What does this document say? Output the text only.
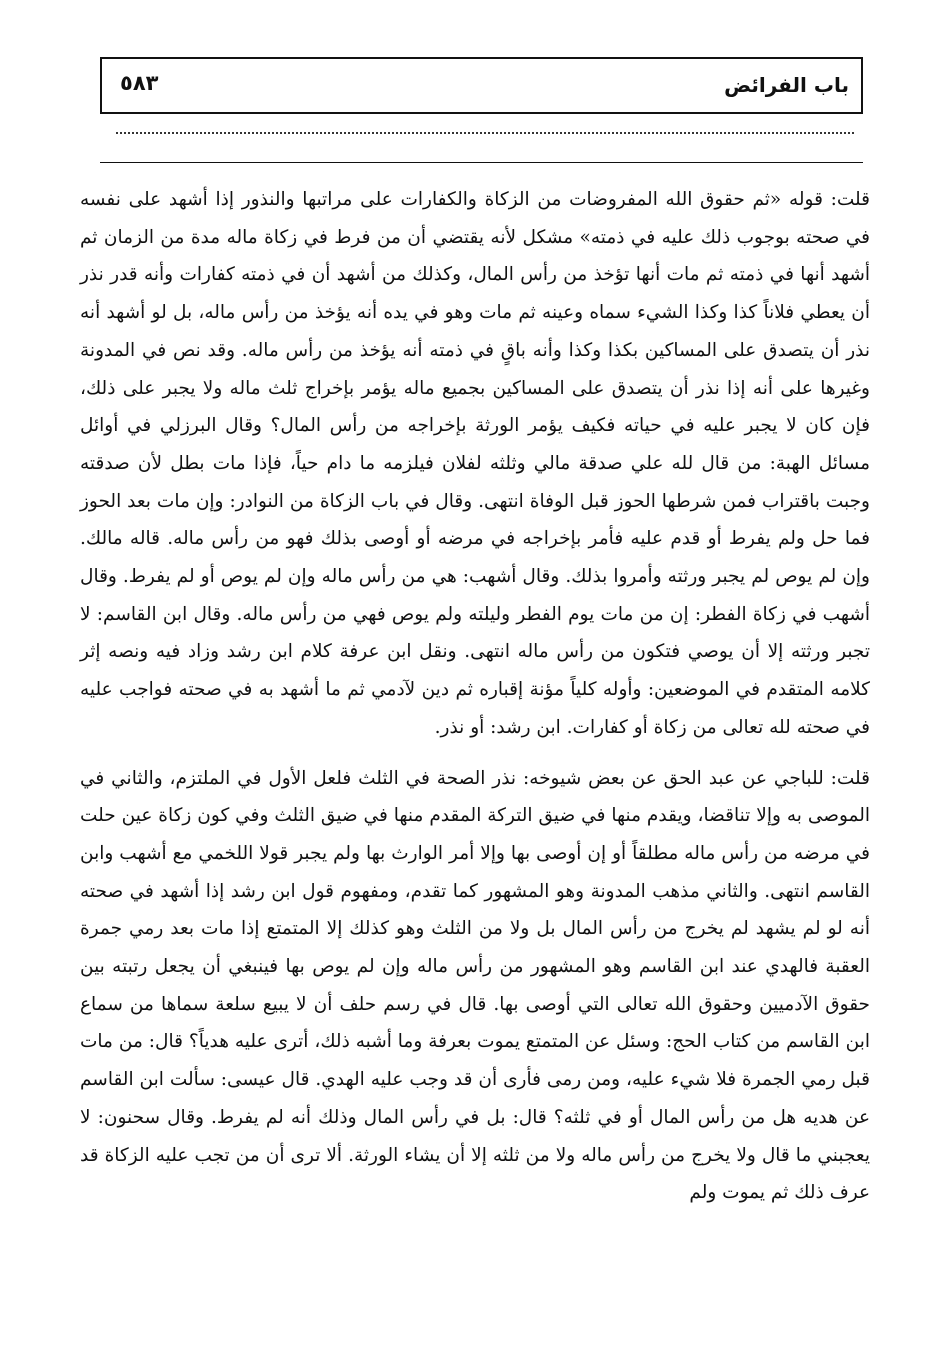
باب الفرائض
٥٨٣

قلت: قوله «ثم حقوق الله المفروضات من الزكاة والكفارات على مراتبها والنذور إذا أشهد على نفسه في صحته بوجوب ذلك عليه في ذمته» مشكل لأنه يقتضي أن من فرط في زكاة ماله مدة من الزمان ثم أشهد أنها في ذمته ثم مات أنها تؤخذ من رأس المال، وكذلك من أشهد أن في ذمته كفارات وأنه قدر نذر أن يعطي فلاناً كذا وكذا الشيء سماه وعينه ثم مات وهو في يده أنه يؤخذ من رأس ماله، بل لو أشهد أنه نذر أن يتصدق على المساكين بكذا وكذا وأنه باقٍ في ذمته أنه يؤخذ من رأس ماله. وقد نص في المدونة وغيرها على أنه إذا نذر أن يتصدق على المساكين بجميع ماله يؤمر بإخراج ثلث ماله ولا يجبر على ذلك، فإن كان لا يجبر عليه في حياته فكيف يؤمر الورثة بإخراجه من رأس المال؟ وقال البرزلي في أوائل مسائل الهبة: من قال لله علي صدقة مالي وثلثه لفلان فيلزمه ما دام حياً، فإذا مات بطل لأن صدقته وجبت باقتراب فمن شرطها الحوز قبل الوفاة انتهى. وقال في باب الزكاة من النوادر: وإن مات بعد الحوز فما حل ولم يفرط أو قدم عليه فأمر بإخراجه في مرضه أو أوصى بذلك فهو من رأس ماله. قاله مالك. وإن لم يوص لم يجبر ورثته وأمروا بذلك. وقال أشهب: هي من رأس ماله وإن لم يوص أو لم يفرط. وقال أشهب في زكاة الفطر: إن من مات يوم الفطر وليلته ولم يوص فهي من رأس ماله. وقال ابن القاسم: لا تجبر ورثته إلا أن يوصي فتكون من رأس ماله انتهى. ونقل ابن عرفة كلام ابن رشد وزاد فيه ونصه إثر كلامه المتقدم في الموضعين: وأوله كلياً مؤنة إقباره ثم دين لآدمي ثم ما أشهد به في صحته فواجب عليه في صحته لله تعالى من زكاة أو كفارات. ابن رشد: أو نذر.

قلت: للباجي عن عبد الحق عن بعض شيوخه: نذر الصحة في الثلث فلعل الأول في الملتزم، والثاني في الموصى به وإلا تناقضا، ويقدم منها في ضيق التركة المقدم منها في ضيق الثلث وفي كون زكاة عين حلت في مرضه من رأس ماله مطلقاً أو إن أوصى بها وإلا أمر الوارث بها ولم يجبر قولا اللخمي مع أشهب وابن القاسم انتهى. والثاني مذهب المدونة وهو المشهور كما تقدم، ومفهوم قول ابن رشد إذا أشهد في صحته أنه لو لم يشهد لم يخرج من رأس المال بل ولا من الثلث وهو كذلك إلا المتمتع إذا مات بعد رمي جمرة العقبة فالهدي عند ابن القاسم وهو المشهور من رأس ماله وإن لم يوص بها فينبغي أن يجعل رتبته بين حقوق الآدميين وحقوق الله تعالى التي أوصى بها. قال في رسم حلف أن لا يبيع سلعة سماها من سماع ابن القاسم من كتاب الحج: وسئل عن المتمتع يموت بعرفة وما أشبه ذلك، أترى عليه هدياً؟ قال: من مات قبل رمي الجمرة فلا شيء عليه، ومن رمى فأرى أن قد وجب عليه الهدي. قال عيسى: سألت ابن القاسم عن هديه هل من رأس المال أو في ثلثه؟ قال: بل في رأس المال وذلك أنه لم يفرط. وقال سحنون: لا يعجبني ما قال ولا يخرج من رأس ماله ولا من ثلثه إلا أن يشاء الورثة. ألا ترى أن من تجب عليه الزكاة قد عرف ذلك ثم يموت ولم
